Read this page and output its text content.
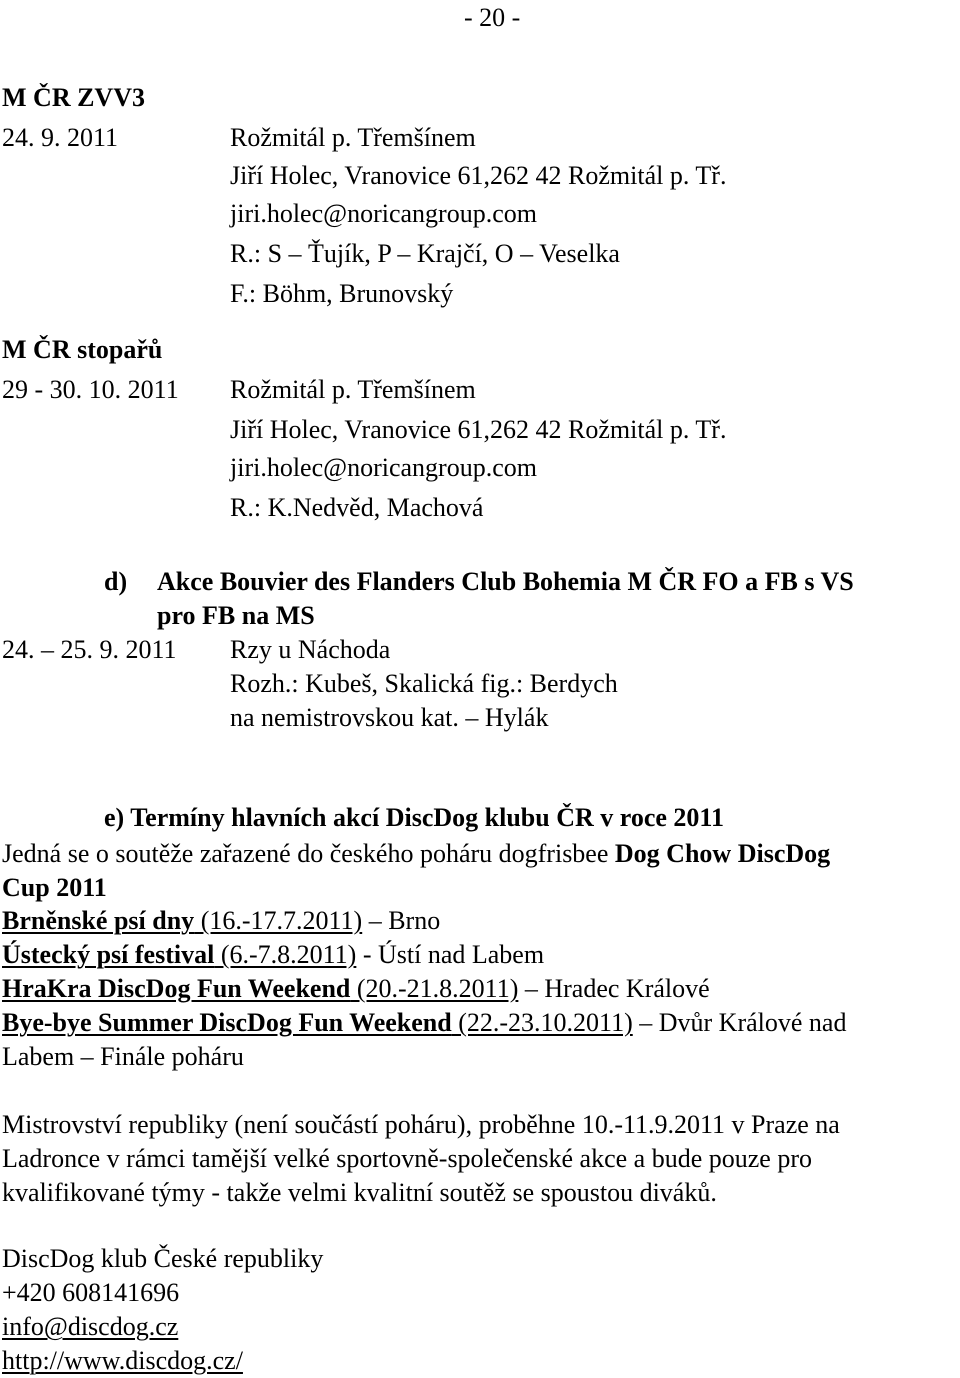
- 20 -
M ČR ZVV3
24. 9. 2011	Rožmitál p. Třemšínem
Jiří Holec, Vranovice 61,262 42 Rožmitál p. Tř.
jiri.holec@noricangroup.com
R.: S – Ťujík, P – Krajčí, O – Veselka
F.: Böhm, Brunovský
M ČR stopařů
29 - 30. 10. 2011 Rožmitál p. Třemšínem
Jiří Holec, Vranovice 61,262 42 Rožmitál p. Tř.
jiri.holec@noricangroup.com
R.: K.Nedvěd, Machová
d) Akce Bouvier des Flanders Club Bohemia M ČR FO a FB s VS
pro FB na MS
24. – 25. 9. 2011 Rzy u Náchoda
Rozh.: Kubeš, Skalická fig.: Berdych
na nemistrovskou kat. – Hylák
e) Termíny hlavních akcí DiscDog klubu ČR v roce 2011
Jedná se o soutěže zařazené do českého poháru dogfrisbee Dog Chow DiscDog
Cup 2011
Brněnské psí dny (16.-17.7.2011) – Brno
Ústecký psí festival (6.-7.8.2011) - Ústí nad Labem
HraKra DiscDog Fun Weekend (20.-21.8.2011) – Hradec Králové
Bye-bye Summer DiscDog Fun Weekend (22.-23.10.2011) – Dvůr Králové nad
Labem – Finále poháru
Mistrovství republiky (není součástí poháru), proběhne 10.-11.9.2011 v Praze na
Ladronce v rámci tamější velké sportovně-společenské akce a bude pouze pro
kvalifikované týmy - takže velmi kvalitní soutěž se spoustou diváků.
DiscDog klub České republiky
+420 608141696
info@discdog.cz
http://www.discdog.cz/
